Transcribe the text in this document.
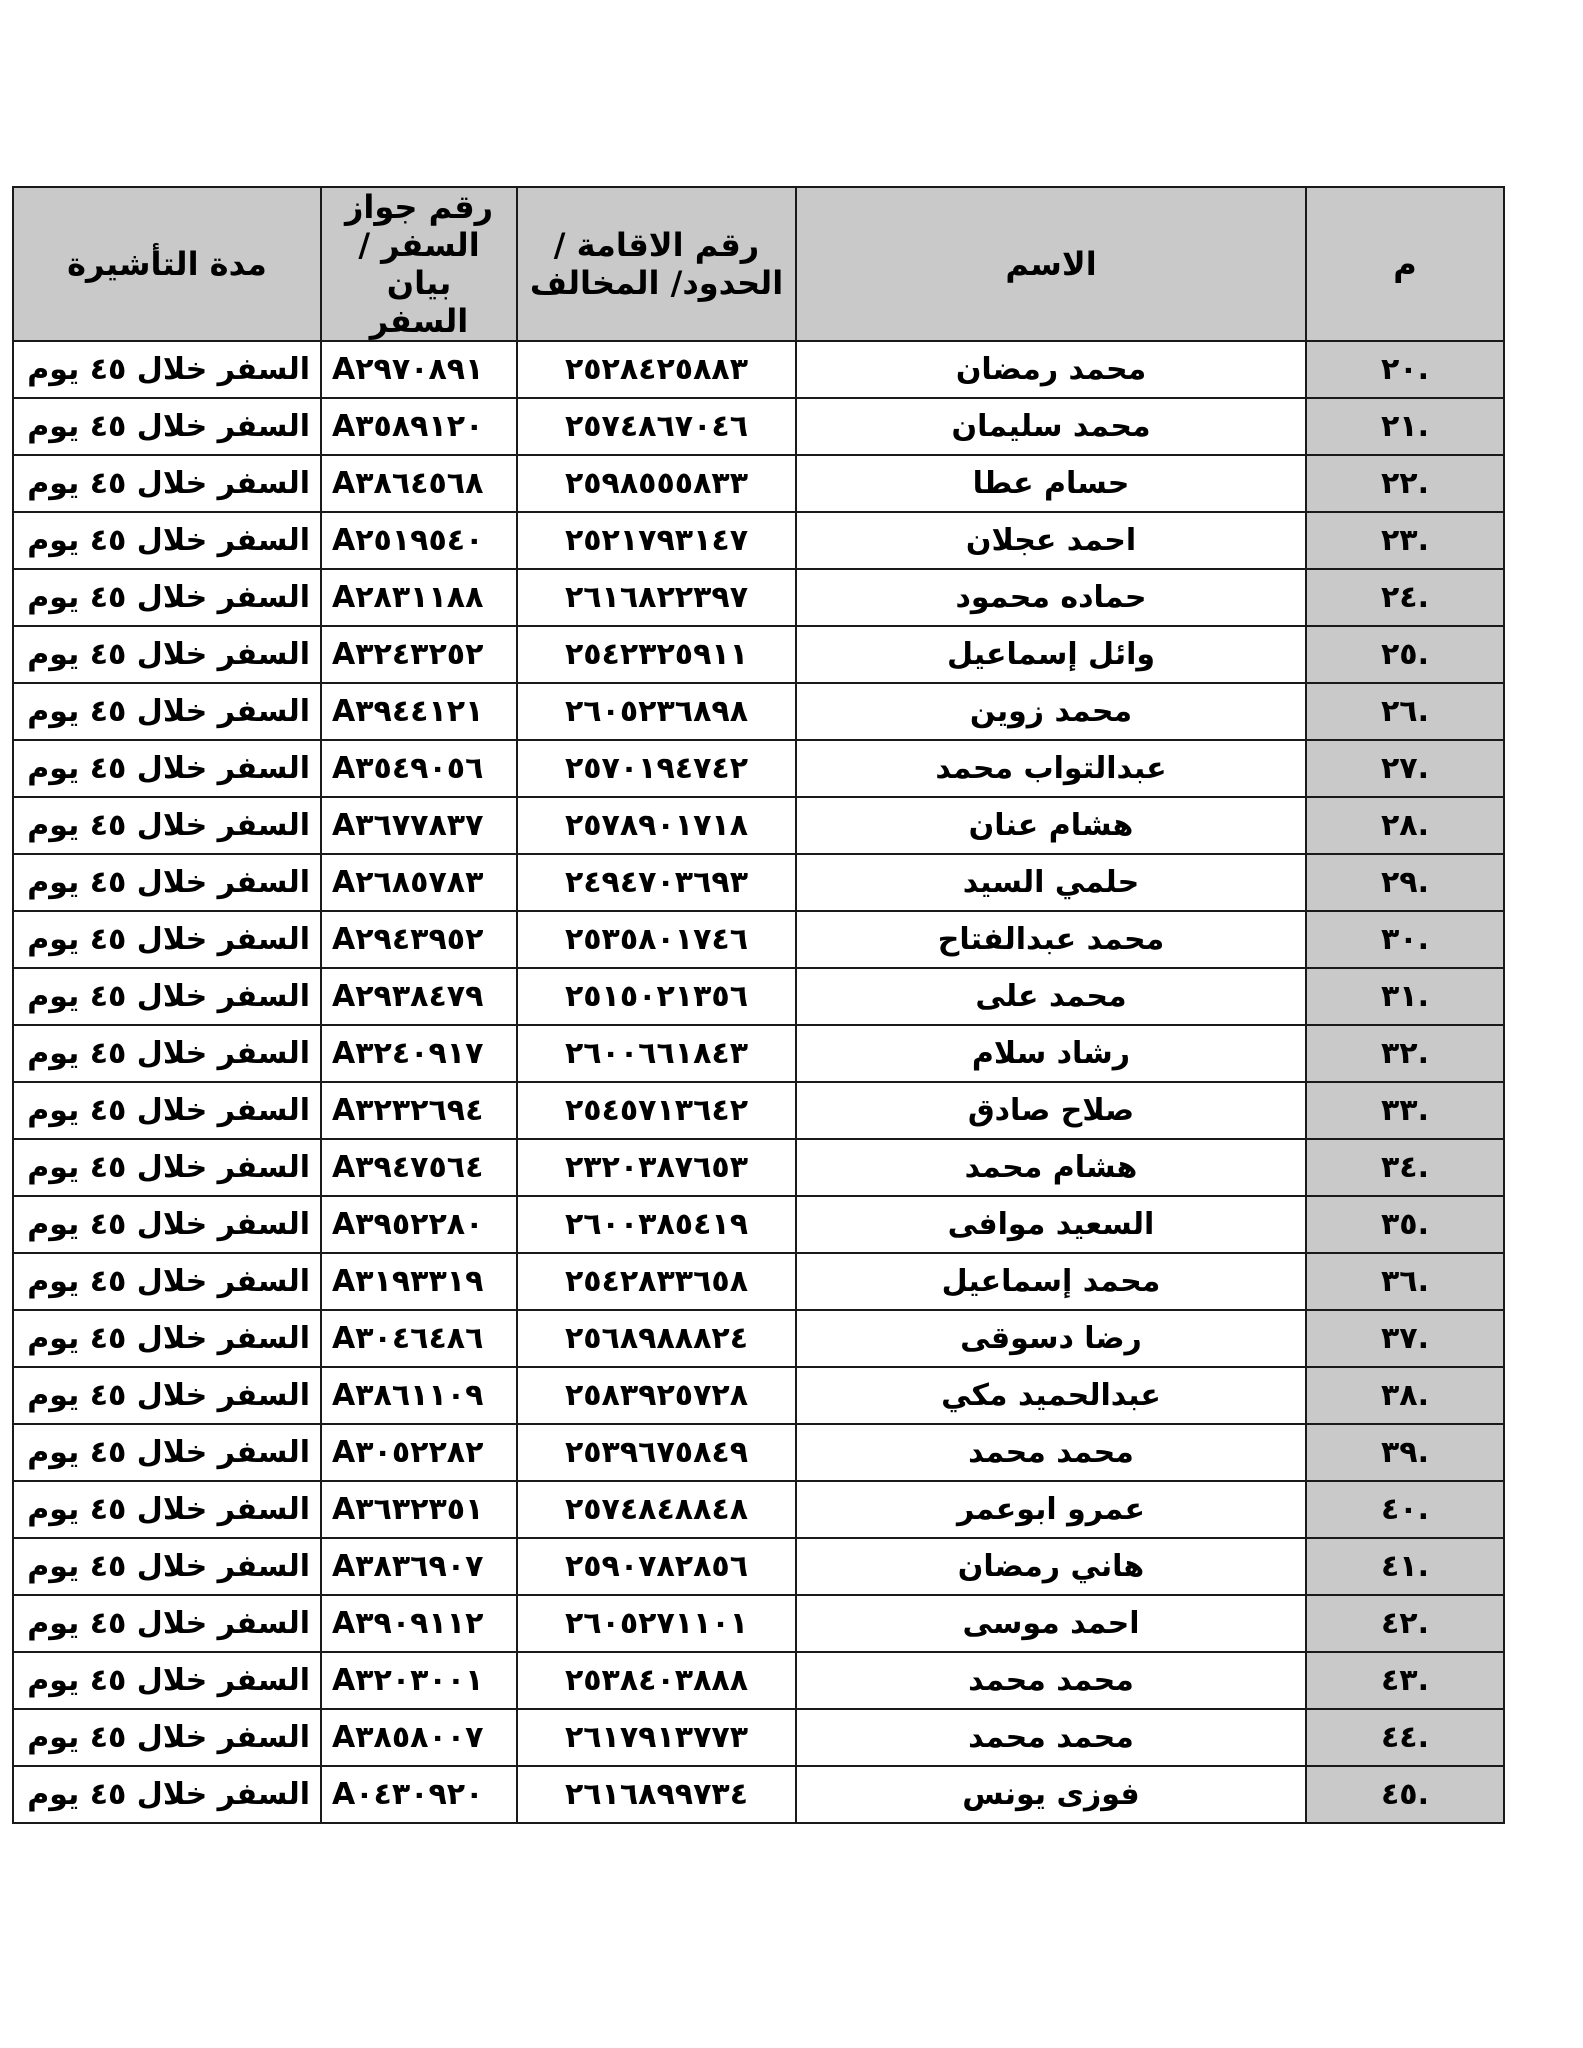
مدة التأشيرة	رقم جواز السفر / بيان السفر	رقم الاقامة / الحدود/ المخالف	الاسم	م
السفر خلال ٤٥ يوم	A٢٩٧٠٨٩١	٢٥٢٨٤٢٥٨٨٣	محمد رمضان	.٢٠
السفر خلال ٤٥ يوم	A٣٥٨٩١٢٠	٢٥٧٤٨٦٧٠٤٦	محمد سليمان	.٢١
السفر خلال ٤٥ يوم	A٣٨٦٤٥٦٨	٢٥٩٨٥٥٥٨٣٣	حسام عطا	.٢٢
السفر خلال ٤٥ يوم	A٢٥١٩٥٤٠	٢٥٢١٧٩٣١٤٧	احمد عجلان	.٢٣
السفر خلال ٤٥ يوم	A٢٨٣١١٨٨	٢٦١٦٨٢٢٣٩٧	حماده محمود	.٢٤
السفر خلال ٤٥ يوم	A٣٢٤٣٢٥٢	٢٥٤٢٣٢٥٩١١	وائل إسماعيل	.٢٥
السفر خلال ٤٥ يوم	A٣٩٤٤١٢١	٢٦٠٥٢٣٦٨٩٨	محمد زوين	.٢٦
السفر خلال ٤٥ يوم	A٣٥٤٩٠٥٦	٢٥٧٠١٩٤٧٤٢	عبدالتواب محمد	.٢٧
السفر خلال ٤٥ يوم	A٣٦٧٧٨٣٧	٢٥٧٨٩٠١٧١٨	هشام عنان	.٢٨
السفر خلال ٤٥ يوم	A٢٦٨٥٧٨٣	٢٤٩٤٧٠٣٦٩٣	حلمي السيد	.٢٩
السفر خلال ٤٥ يوم	A٢٩٤٣٩٥٢	٢٥٣٥٨٠١٧٤٦	محمد عبدالفتاح	.٣٠
السفر خلال ٤٥ يوم	A٢٩٣٨٤٧٩	٢٥١٥٠٢١٣٥٦	محمد على	.٣١
السفر خلال ٤٥ يوم	A٣٢٤٠٩١٧	٢٦٠٠٦٦١٨٤٣	رشاد سلام	.٣٢
السفر خلال ٤٥ يوم	A٣٢٣٢٦٩٤	٢٥٤٥٧١٣٦٤٢	صلاح صادق	.٣٣
السفر خلال ٤٥ يوم	A٣٩٤٧٥٦٤	٢٣٢٠٣٨٧٦٥٣	هشام محمد	.٣٤
السفر خلال ٤٥ يوم	A٣٩٥٢٢٨٠	٢٦٠٠٣٨٥٤١٩	السعيد موافى	.٣٥
السفر خلال ٤٥ يوم	A٣١٩٣٣١٩	٢٥٤٢٨٣٣٦٥٨	محمد إسماعيل	.٣٦
السفر خلال ٤٥ يوم	A٣٠٤٦٤٨٦	٢٥٦٨٩٨٨٨٢٤	رضا دسوقى	.٣٧
السفر خلال ٤٥ يوم	A٣٨٦١١٠٩	٢٥٨٣٩٢٥٧٢٨	عبدالحميد مكي	.٣٨
السفر خلال ٤٥ يوم	A٣٠٥٢٢٨٢	٢٥٣٩٦٧٥٨٤٩	محمد محمد	.٣٩
السفر خلال ٤٥ يوم	A٣٦٣٢٣٥١	٢٥٧٤٨٤٨٨٤٨	عمرو ابوعمر	.٤٠
السفر خلال ٤٥ يوم	A٣٨٣٦٩٠٧	٢٥٩٠٧٨٢٨٥٦	هاني رمضان	.٤١
السفر خلال ٤٥ يوم	A٣٩٠٩١١٢	٢٦٠٥٢٧١١٠١	احمد موسى	.٤٢
السفر خلال ٤٥ يوم	A٣٢٠٣٠٠١	٢٥٣٨٤٠٣٨٨٨	محمد محمد	.٤٣
السفر خلال ٤٥ يوم	A٣٨٥٨٠٠٧	٢٦١٧٩١٣٧٧٣	محمد محمد	.٤٤
السفر خلال ٤٥ يوم	A٠٤٣٠٩٢٠	٢٦١٦٨٩٩٧٣٤	فوزى يونس	.٤٥
